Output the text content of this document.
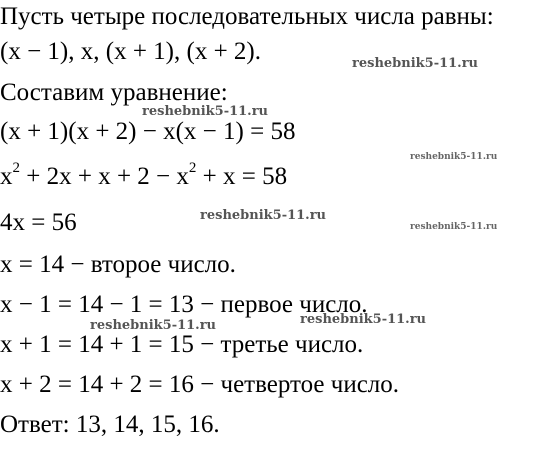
Пусть четыре последовательных числа равны:
(x − 1), x, (x + 1), (x + 2).
Составим уравнение:
(x + 1)(x + 2) − x(x − 1) = 58
$x^2 + 2x + x + 2 - x^2 + x = 58$
4x = 56
x = 14 − второе число.
x − 1 = 14 − 1 = 13 − первое число.
x + 1 = 14 + 1 = 15 − третье число.
x + 2 = 14 + 2 = 16 − четвертое число.
Ответ: 13, 14, 15, 16.
reshebnik5-11.ru
reshebnik5-11.ru
reshebnik5-11.ru
reshebnik5-11.ru
reshebnik5-11.ru
reshebnik5-11.ru
reshebnik5-11.ru
